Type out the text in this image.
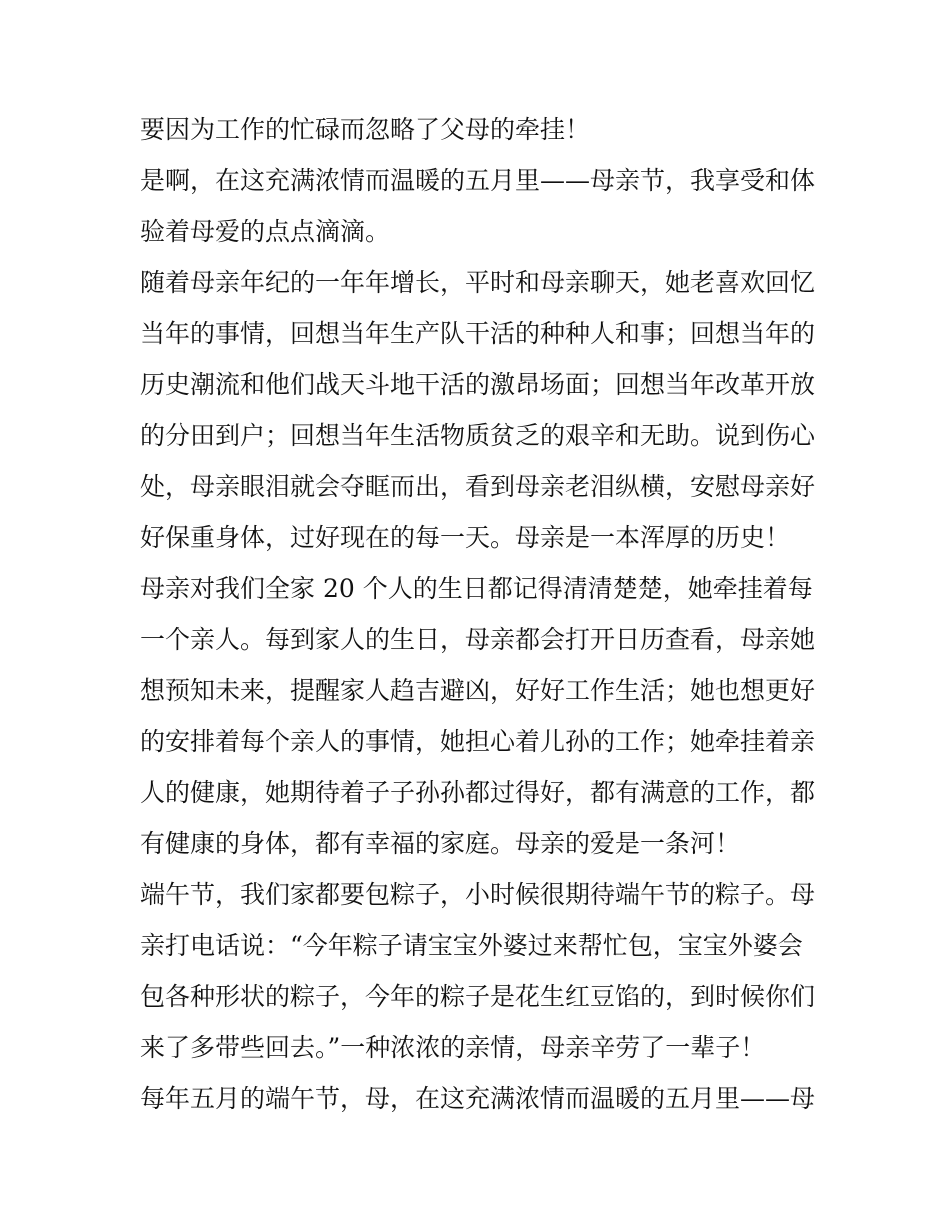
要因为工作的忙碌而忽略了父母的牵挂！
是啊，在这充满浓情而温暖的五月里——母亲节，我享受和体
验着母爱的点点滴滴。
随着母亲年纪的一年年增长，平时和母亲聊天，她老喜欢回忆
当年的事情，回想当年生产队干活的种种人和事；回想当年的
历史潮流和他们战天斗地干活的激昂场面；回想当年改革开放
的分田到户；回想当年生活物质贫乏的艰辛和无助。说到伤心
处，母亲眼泪就会夺眶而出，看到母亲老泪纵横，安慰母亲好
好保重身体，过好现在的每一天。母亲是一本浑厚的历史！
母亲对我们全家 20 个人的生日都记得清清楚楚，她牵挂着每
一个亲人。每到家人的生日，母亲都会打开日历查看，母亲她
想预知未来，提醒家人趋吉避凶，好好工作生活；她也想更好
的安排着每个亲人的事情，她担心着儿孙的工作；她牵挂着亲
人的健康，她期待着子子孙孙都过得好，都有满意的工作，都
有健康的身体，都有幸福的家庭。母亲的爱是一条河！
端午节，我们家都要包粽子，小时候很期待端午节的粽子。母
亲打电话说：“今年粽子请宝宝外婆过来帮忙包，宝宝外婆会
包各种形状的粽子，今年的粽子是花生红豆馅的，到时候你们
来了多带些回去。”一种浓浓的亲情，母亲辛劳了一辈子！
每年五月的端午节，母，在这充满浓情而温暖的五月里——母
